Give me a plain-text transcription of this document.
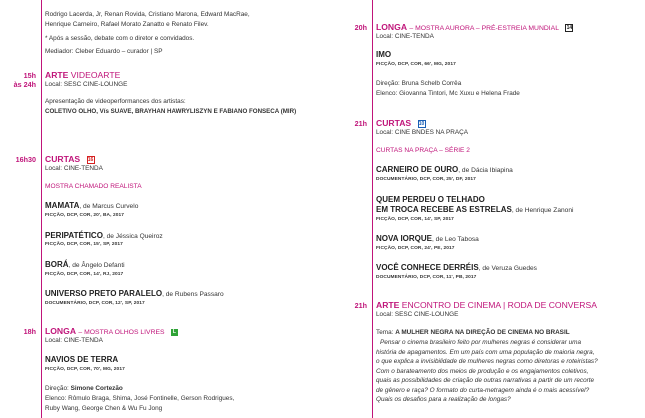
Rodrigo Lacerda, Jr, Renan Rovida, Cristiano Marona, Edward MacRae,
Henrique Carneiro, Rafael Morato Zanatto e Renato Filev.
* Após a sessão, debate com o diretor e convidados.
Mediador: Cleber Eduardo – curador | SP
15h
às 24h
ARTE VIDEOARTE
Local: SESC CINE-LOUNGE
Apresentação de videoperformances dos artistas:
COLETIVO OLHO, Vís SUAVE, BRAYHAN HAWRYLISZYN E FABIANO FONSECA (MIR)
16h30 CURTAS 16
Local: CINE-TENDA
MOSTRA CHAMADO REALISTA
MAMATA, de Marcus Curvelo
FICÇÃO, DCP, COR, 20', BA, 2017
PERIPATÉTICO, de Jéssica Queiroz
FICÇÃO, DCP, COR, 15', SP, 2017
BORÁ, de Ângelo Defanti
FICÇÃO, DCP, COR, 14', RJ, 2017
UNIVERSO PRETO PARALELO, de Rubens Passaro
DOCUMENTÁRIO, DCP, COR, 12', SP, 2017
18h LONGA – MOSTRA OLHOS LIVRES L
Local: CINE-TENDA
NAVIOS DE TERRA
FICÇÃO, DCP, COR, 70', MG, 2017
Direção: Simone Cortezão
Elenco: Rômulo Braga, Shima, José Fontinelle, Gerson Rodrigues,
Ruby Wang, George Chen & Wu Fu Jong
20h LONGA – MOSTRA AURORA – PRÉ-ESTREIA MUNDIAL 14
Local: CINE-TENDA
IMO
FICÇÃO, DCP, COR, 66', MG, 2017
Direção: Bruna Schelb Corrêa
Elenco: Giovanna Tintori, Mc Xuxu e Helena Frade
21h CURTAS 10
Local: CINE BNDES NA PRAÇA
CURTAS NA PRAÇA – SÉRIE 2
CARNEIRO DE OURO, de Dácia Ibiapina
DOCUMENTÁRIO, DCP, COR, 25', DF, 2017
QUEM PERDEU O TELHADO
EM TROCA RECEBE AS ESTRELAS, de Henrique Zanoni
FICÇÃO, DCP, COR, 14', SP, 2017
NOVA IORQUE, de Leo Tabosa
FICÇÃO, DCP, COR, 24', PE, 2017
VOCÊ CONHECE DERRÉIS, de Veruza Guedes
DOCUMENTÁRIO, DCP, COR, 11', PB, 2017
21h ARTE ENCONTRO DE CINEMA | RODA DE CONVERSA
Local: SESC CINE-LOUNGE
Tema: A MULHER NEGRA NA DIREÇÃO DE CINEMA NO BRASIL
Pensar o cinema brasileiro feito por mulheres negras é considerar uma
história de apagamentos. Em um país com uma população de maioria negra,
o que explica a invisibilidade de mulheres negras como diretoras e roteiristas?
Com o barateamento dos meios de produção e os engajamentos coletivos,
quais as possibilidades de criação de outras narrativas a partir de um recorte
de gênero e raça? O formato do curta-metragem ainda é o mais acessível?
Quais os desafios para a realização de longas?
